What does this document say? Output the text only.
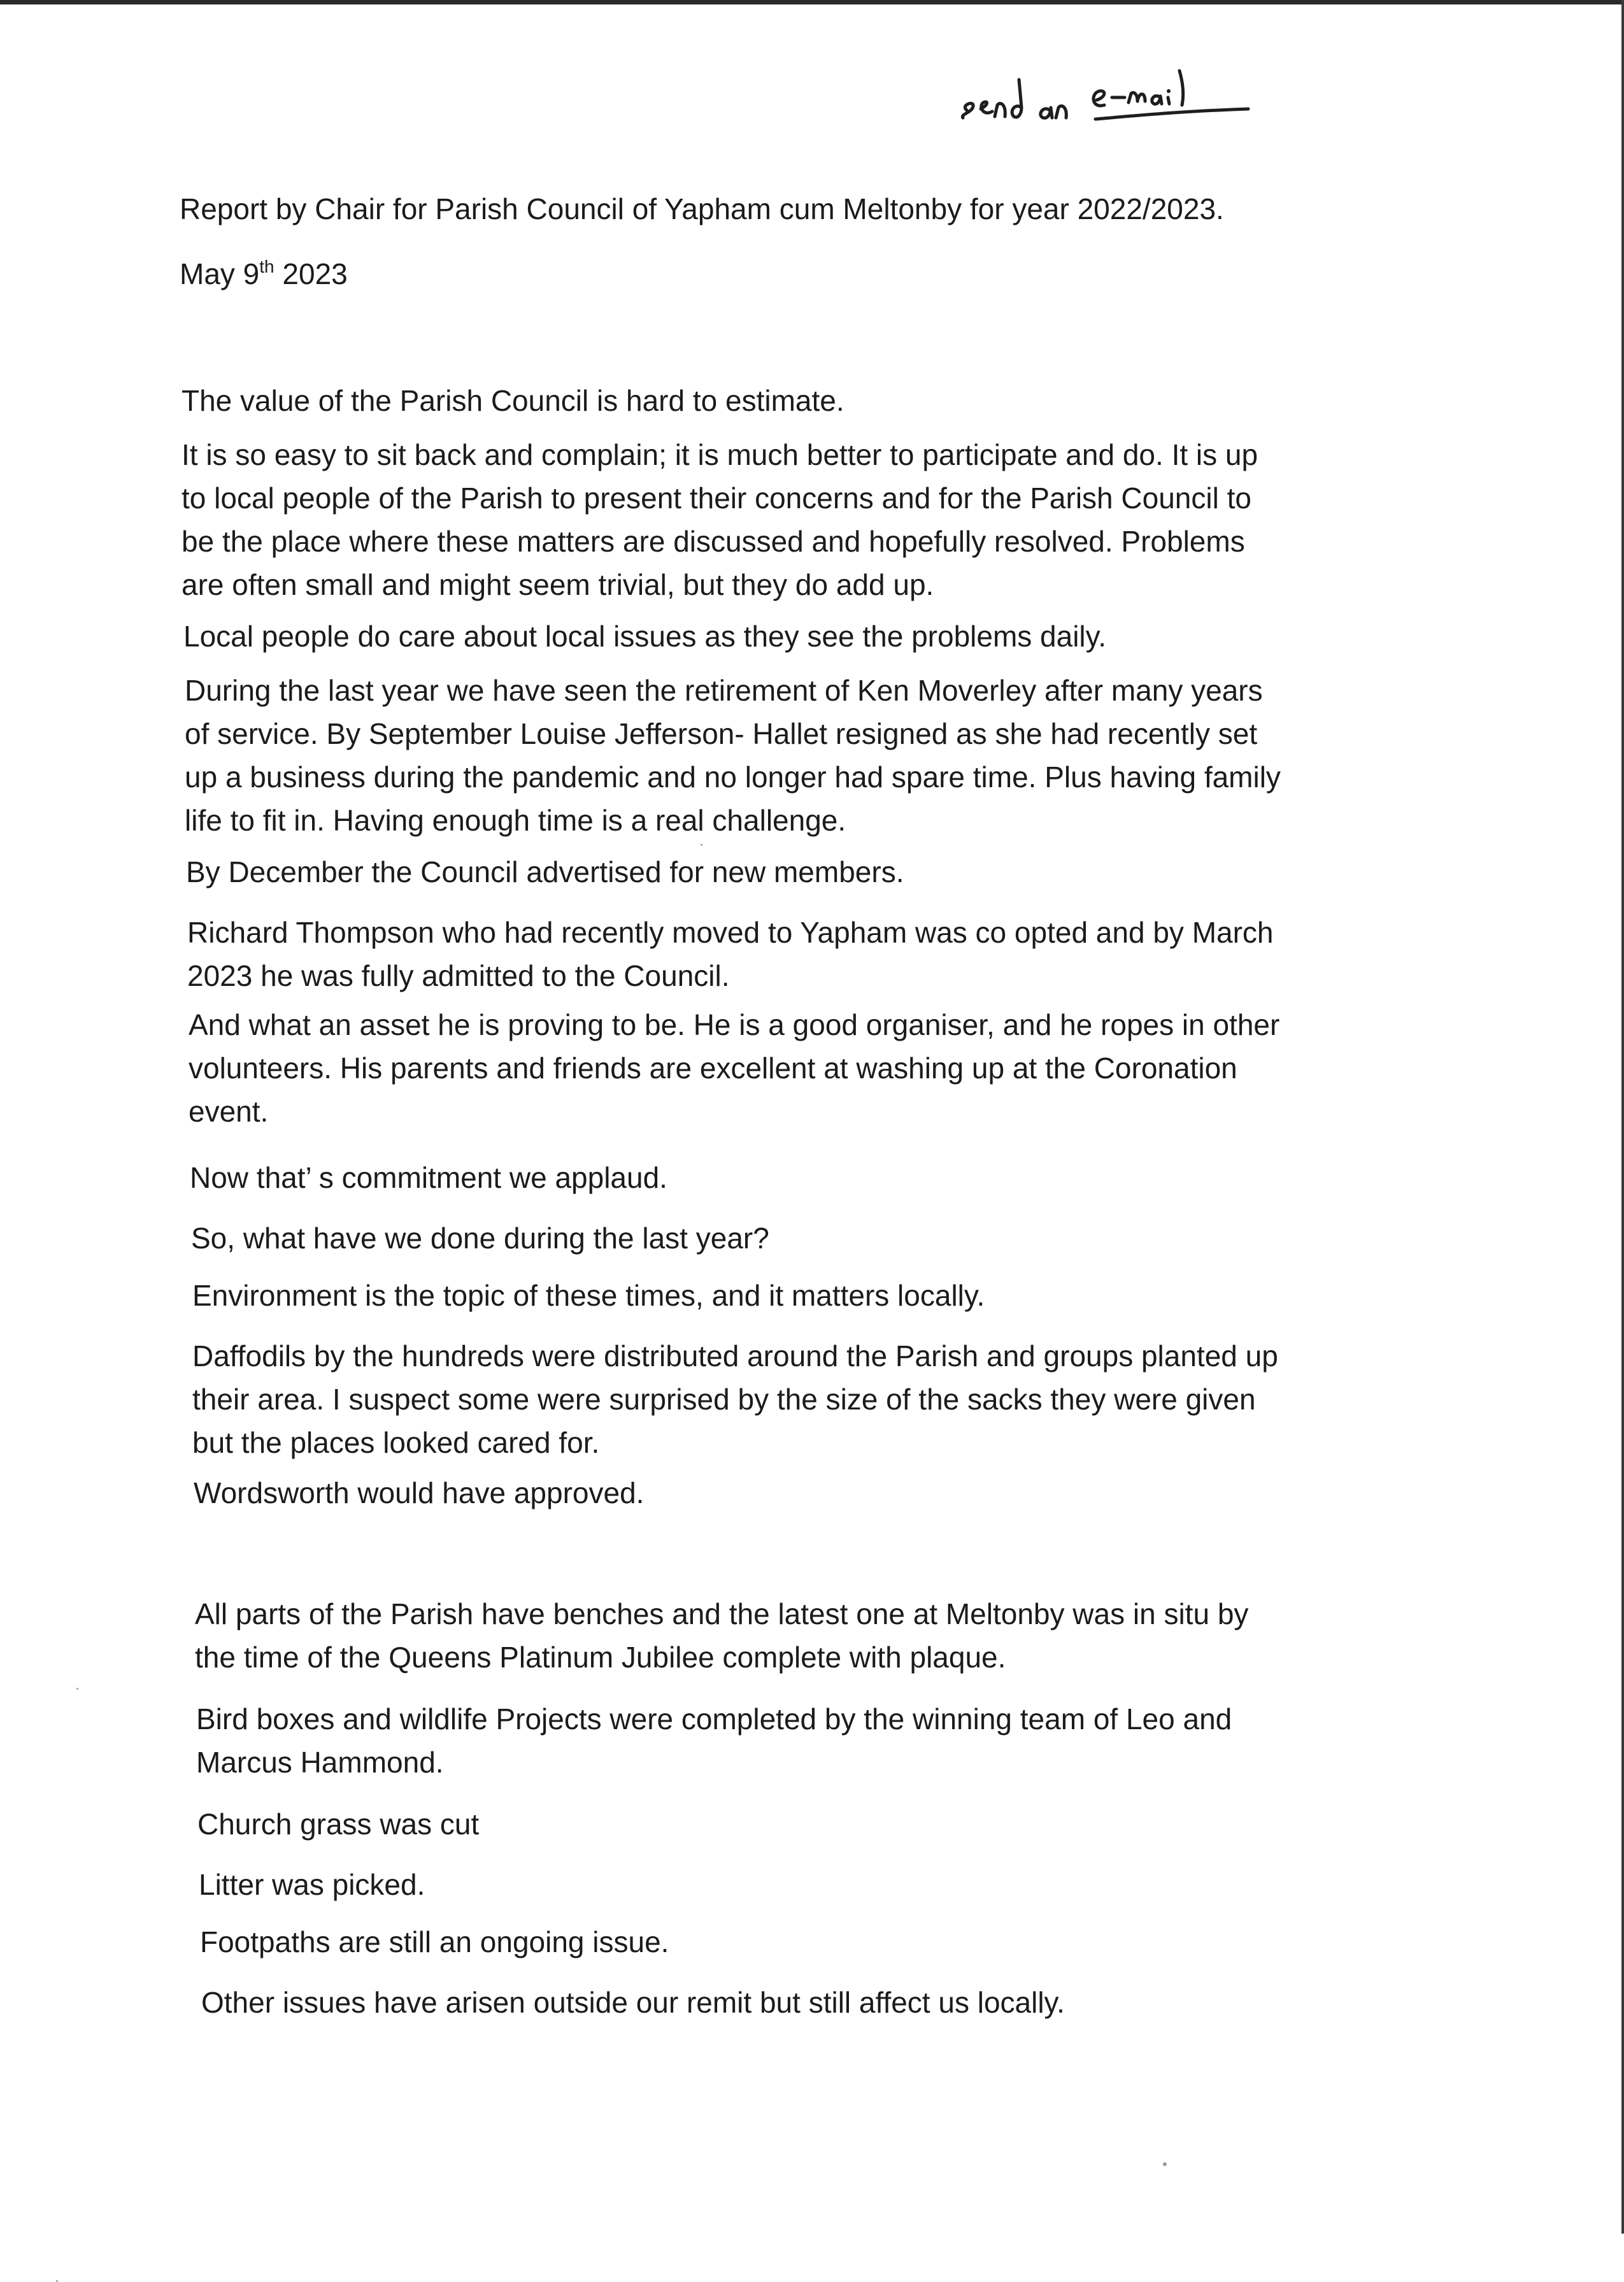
Report by Chair for Parish Council of Yapham cum Meltonby for year 2022/2023.
May 9th 2023
The value of the Parish Council is hard to estimate.
It is so easy to sit back and complain; it is much better to participate and do. It is up
to local people of the Parish to present their concerns and for the Parish Council to
be the place where these matters are discussed and hopefully resolved. Problems
are often small and might seem trivial, but they do add up.
Local people do care about local issues as they see the problems daily.
During the last year we have seen the retirement of Ken Moverley after many years
of service. By September Louise Jefferson- Hallet resigned as she had recently set
up a business during the pandemic and no longer had spare time. Plus having family
life to fit in. Having enough time is a real challenge.
By December the Council advertised for new members.
Richard Thompson who had recently moved to Yapham was co opted and by March
2023 he was fully admitted to the Council.
And what an asset he is proving to be. He is a good organiser, and he ropes in other
volunteers. His parents and friends are excellent at washing up at the Coronation
event.
Now that’ s commitment we applaud.
So, what have we done during the last year?
Environment is the topic of these times, and it matters locally.
Daffodils by the hundreds were distributed around the Parish and groups planted up
their area. I suspect some were surprised by the size of the sacks they were given
but the places looked cared for.
Wordsworth would have approved.
All parts of the Parish have benches and the latest one at Meltonby was in situ by
the time of the Queens Platinum Jubilee complete with plaque.
Bird boxes and wildlife Projects were completed by the winning team of Leo and
Marcus Hammond.
Church grass was cut
Litter was picked.
Footpaths are still an ongoing issue.
Other issues have arisen outside our remit but still affect us locally.
